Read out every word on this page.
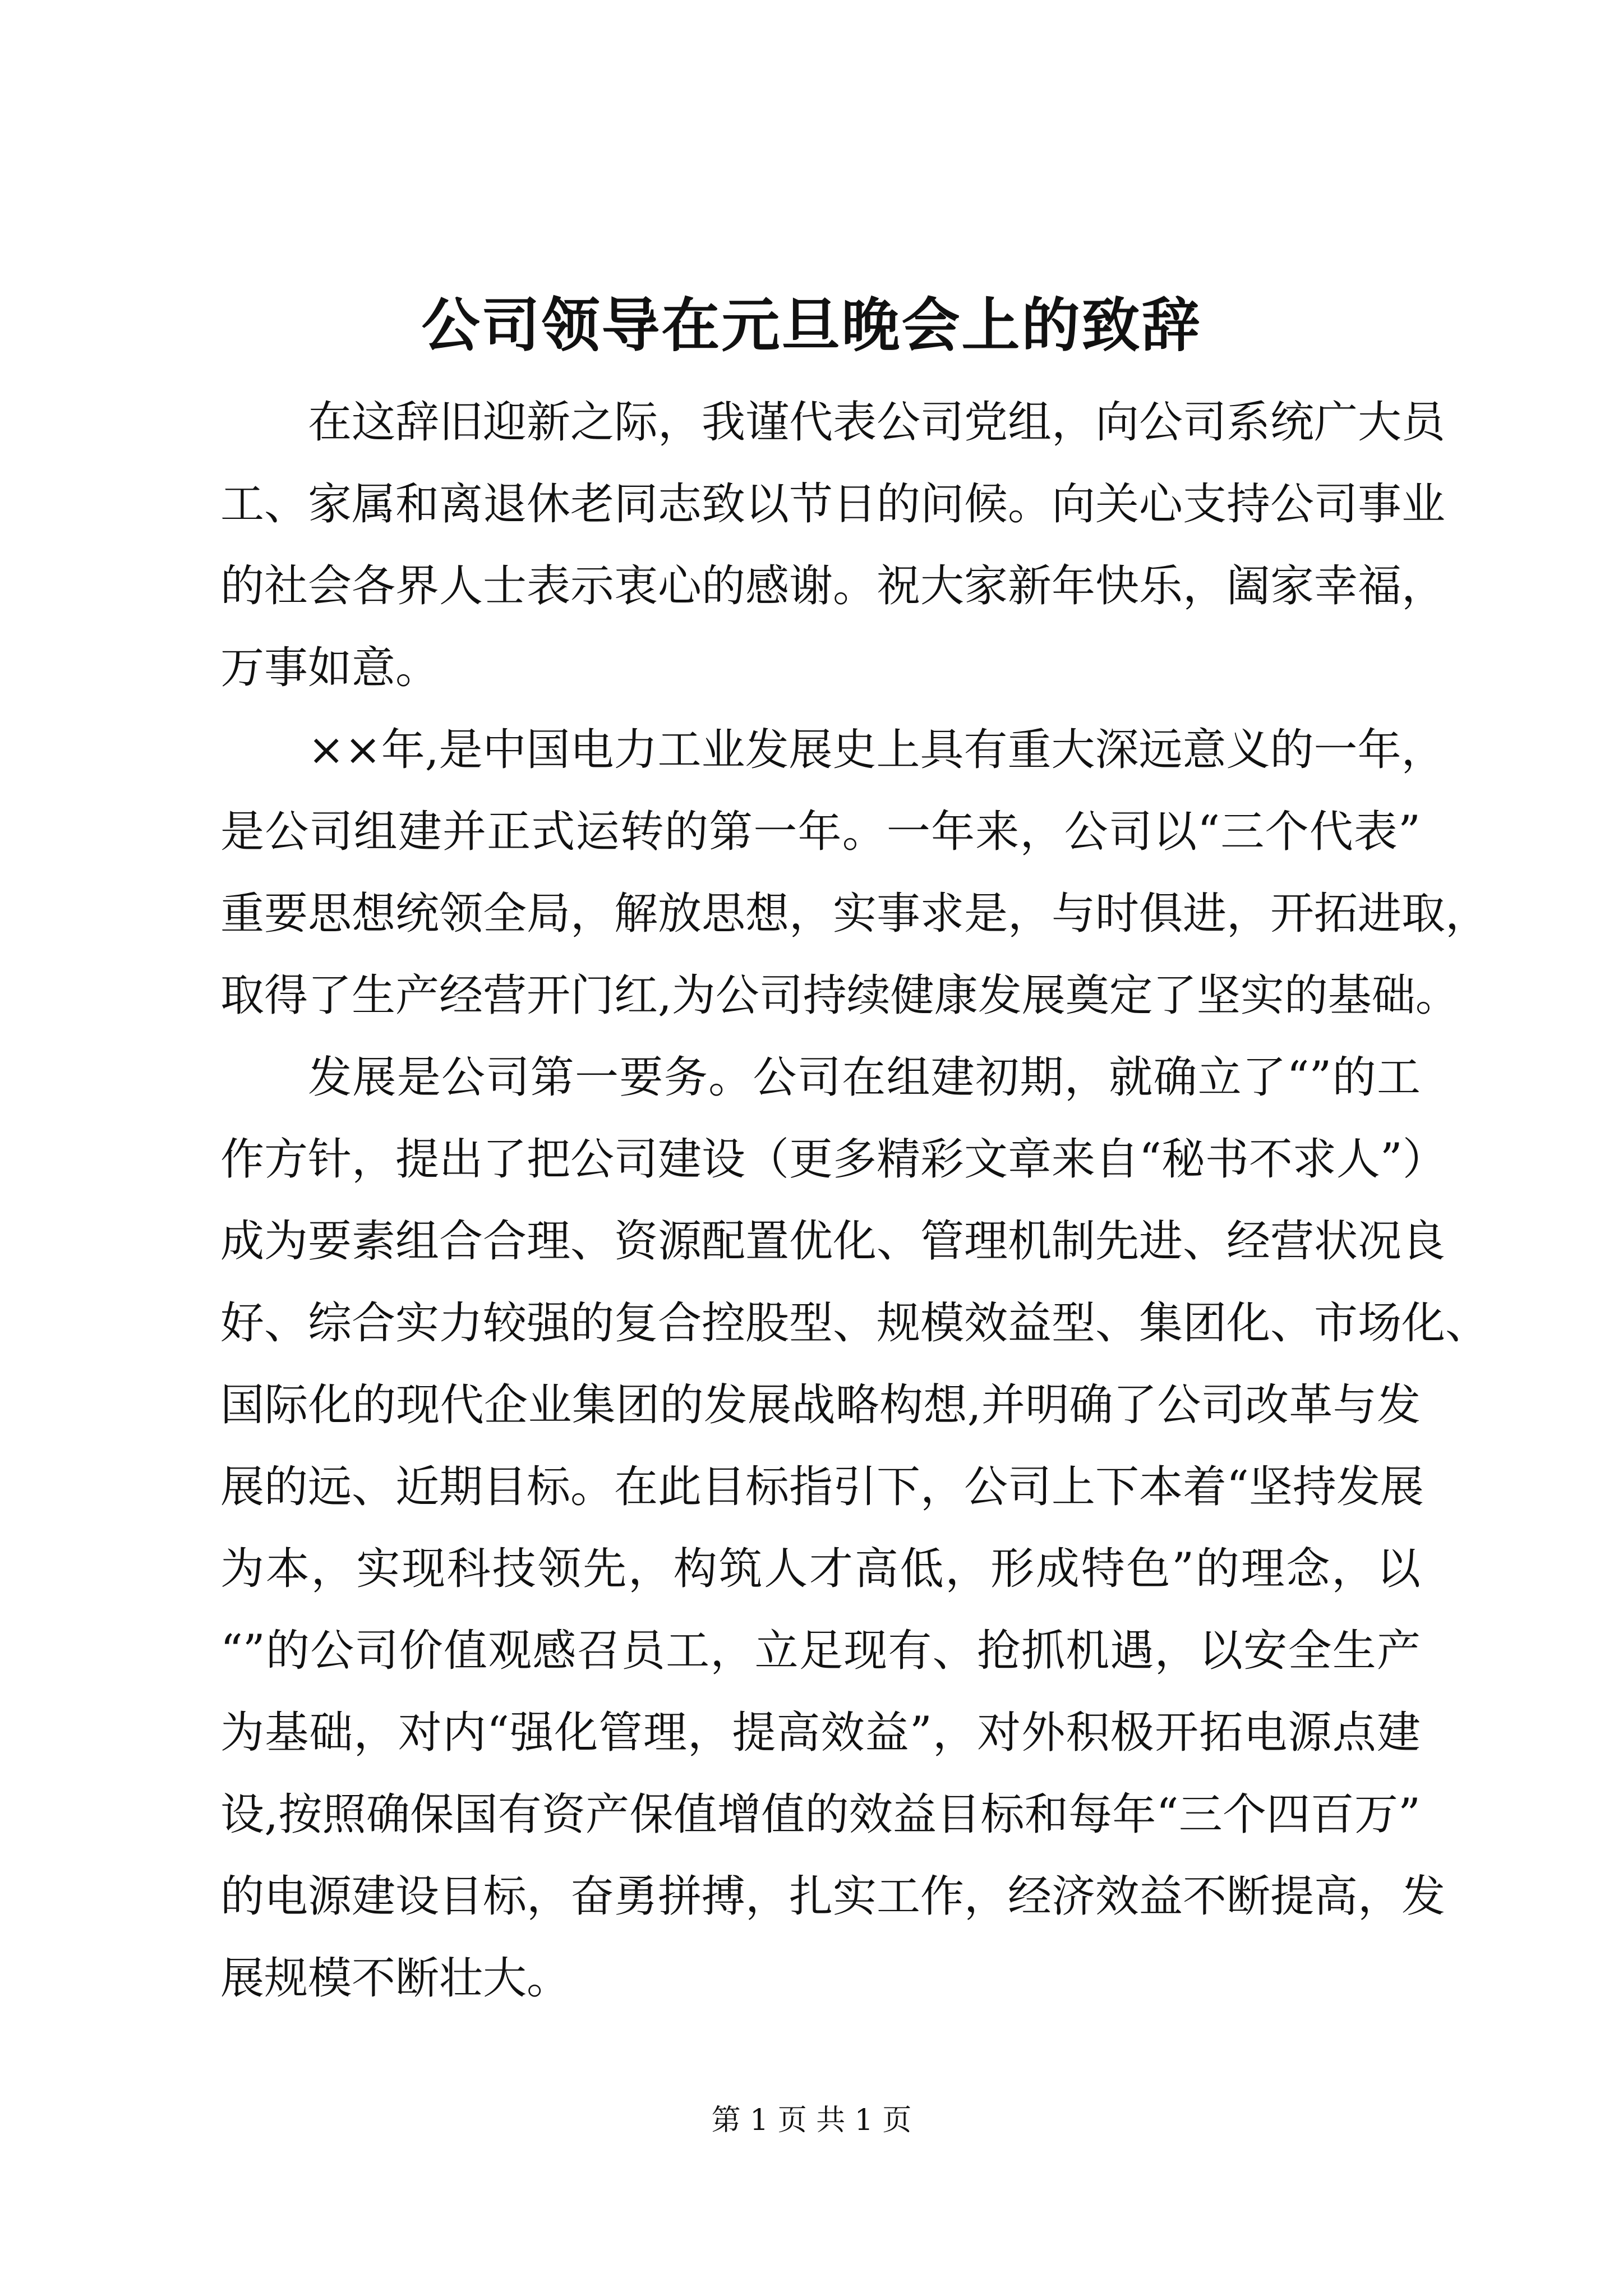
公司领导在元旦晚会上的致辞
在这辞旧迎新之际，我谨代表公司党组，向公司系统广大员
工、家属和离退休老同志致以节日的问候。向关心支持公司事业
的社会各界人士表示衷心的感谢。祝大家新年快乐，阖家幸福，
万事如意。
××年,是中国电力工业发展史上具有重大深远意义的一年，
是公司组建并正式运转的第一年。一年来，公司以“三个代表”
重要思想统领全局，解放思想，实事求是，与时俱进，开拓进取，
取得了生产经营开门红,为公司持续健康发展奠定了坚实的基础。
发展是公司第一要务。公司在组建初期，就确立了“”的工
作方针，提出了把公司建设（更多精彩文章来自“秘书不求人”）
成为要素组合合理、资源配置优化、管理机制先进、经营状况良
好、综合实力较强的复合控股型、规模效益型、集团化、市场化、
国际化的现代企业集团的发展战略构想,并明确了公司改革与发
展的远、近期目标。在此目标指引下，公司上下本着“坚持发展
为本，实现科技领先，构筑人才高低，形成特色”的理念，以
“”的公司价值观感召员工，立足现有、抢抓机遇，以安全生产
为基础，对内“强化管理，提高效益”，对外积极开拓电源点建
设,按照确保国有资产保值增值的效益目标和每年“三个四百万”
的电源建设目标，奋勇拼搏，扎实工作，经济效益不断提高，发
展规模不断壮大。
第 1 页 共 1 页
